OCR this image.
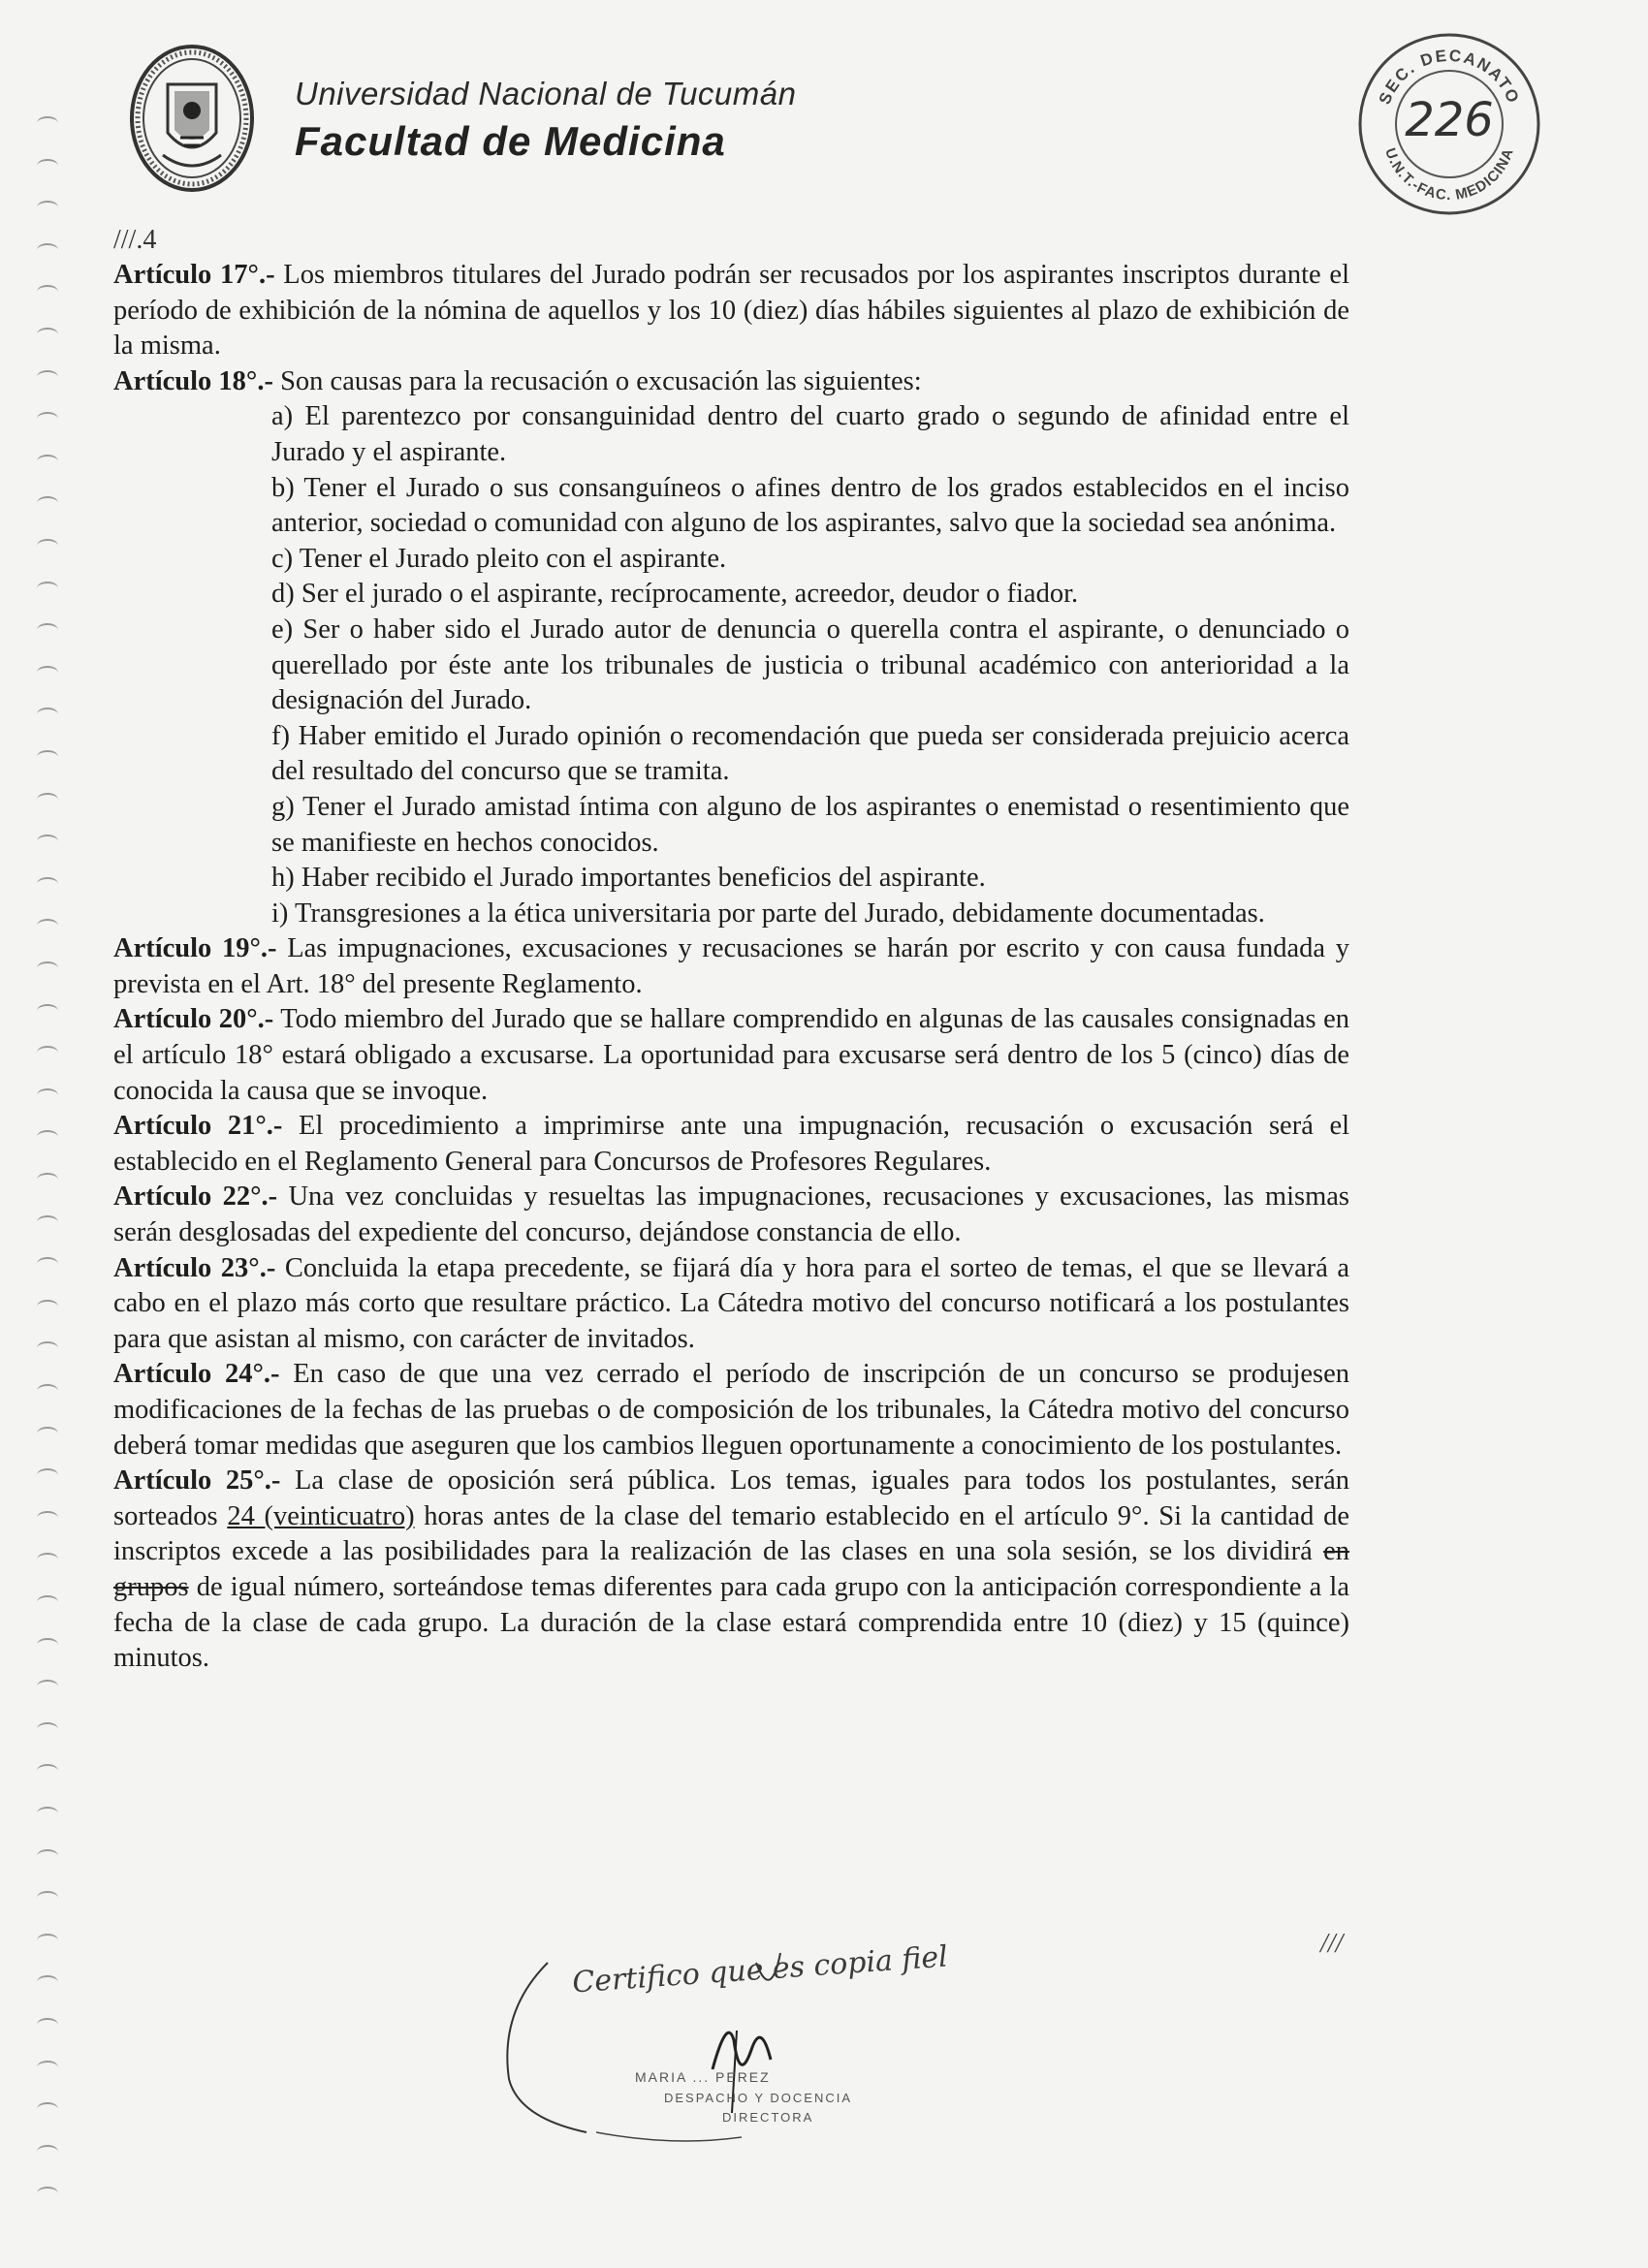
Universidad Nacional de Tucumán
Facultad de Medicina
SEC. DECANATO
U.N.T.-FAC. MEDICINA
226

///.4

Artículo 17°.- Los miembros titulares del Jurado podrán ser recusados por los aspirantes inscriptos durante el período de exhibición de la nómina de aquellos y los 10 (diez) días hábiles siguientes al plazo de exhibición de la misma.

Artículo 18°.- Son causas para la recusación o excusación las siguientes:

a) El parentezco por consanguinidad dentro del cuarto grado o segundo de afinidad entre el Jurado y el aspirante.

b) Tener el Jurado o sus consanguíneos o afines dentro de los grados establecidos en el inciso anterior, sociedad o comunidad con alguno de los aspirantes, salvo que la sociedad sea anónima.

c) Tener el Jurado pleito con el aspirante.

d) Ser el jurado o el aspirante, recíprocamente, acreedor, deudor o fiador.

e) Ser o haber sido el Jurado autor de denuncia o querella contra el aspirante, o denunciado o querellado por éste ante los tribunales de justicia o tribunal académico con anterioridad a la designación del Jurado.

f) Haber emitido el Jurado opinión o recomendación que pueda ser considerada prejuicio acerca del resultado del concurso que se tramita.

g) Tener el Jurado amistad íntima con alguno de los aspirantes o enemistad o resentimiento que se manifieste en hechos conocidos.

h) Haber recibido el Jurado importantes beneficios del aspirante.

i) Transgresiones a la ética universitaria por parte del Jurado, debidamente documentadas.

Artículo 19°.- Las impugnaciones, excusaciones y recusaciones se harán por escrito y con causa fundada y prevista en el Art. 18° del presente Reglamento.

Artículo 20°.- Todo miembro del Jurado que se hallare comprendido en algunas de las causales consignadas en el artículo 18° estará obligado a excusarse. La oportunidad para excusarse será dentro de los 5 (cinco) días de conocida la causa que se invoque.

Artículo 21°.- El procedimiento a imprimirse ante una impugnación, recusación o excusación será el establecido en el Reglamento General para Concursos de Profesores Regulares.

Artículo 22°.- Una vez concluidas y resueltas las impugnaciones, recusaciones y excusaciones, las mismas serán desglosadas del expediente del concurso, dejándose constancia de ello.

Artículo 23°.- Concluida la etapa precedente, se fijará día y hora para el sorteo de temas, el que se llevará a cabo en el plazo más corto que resultare práctico. La Cátedra motivo del concurso notificará a los postulantes para que asistan al mismo, con carácter de invitados.

Artículo 24°.- En caso de que una vez cerrado el período de inscripción de un concurso se produjesen modificaciones de la fechas de las pruebas o de composición de los tribunales, la Cátedra motivo del concurso deberá tomar medidas que aseguren que los cambios lleguen oportunamente a conocimiento de los postulantes.

Artículo 25°.- La clase de oposición será pública. Los temas, iguales para todos los postulantes, serán sorteados 24 (veinticuatro) horas antes de la clase del temario establecido en el artículo 9°. Si la cantidad de inscriptos excede a las posibilidades para la realización de las clases en una sola sesión, se los dividirá en grupos de igual número, sorteándose temas diferentes para cada grupo con la anticipación correspondiente a la fecha de la clase de cada grupo. La duración de la clase estará comprendida entre 10 (diez) y 15 (quince) minutos.

///
Certifico que es copia fiel
MARIA ... PEREZ
DESPACHO Y DOCENCIA
DIRECTORA
